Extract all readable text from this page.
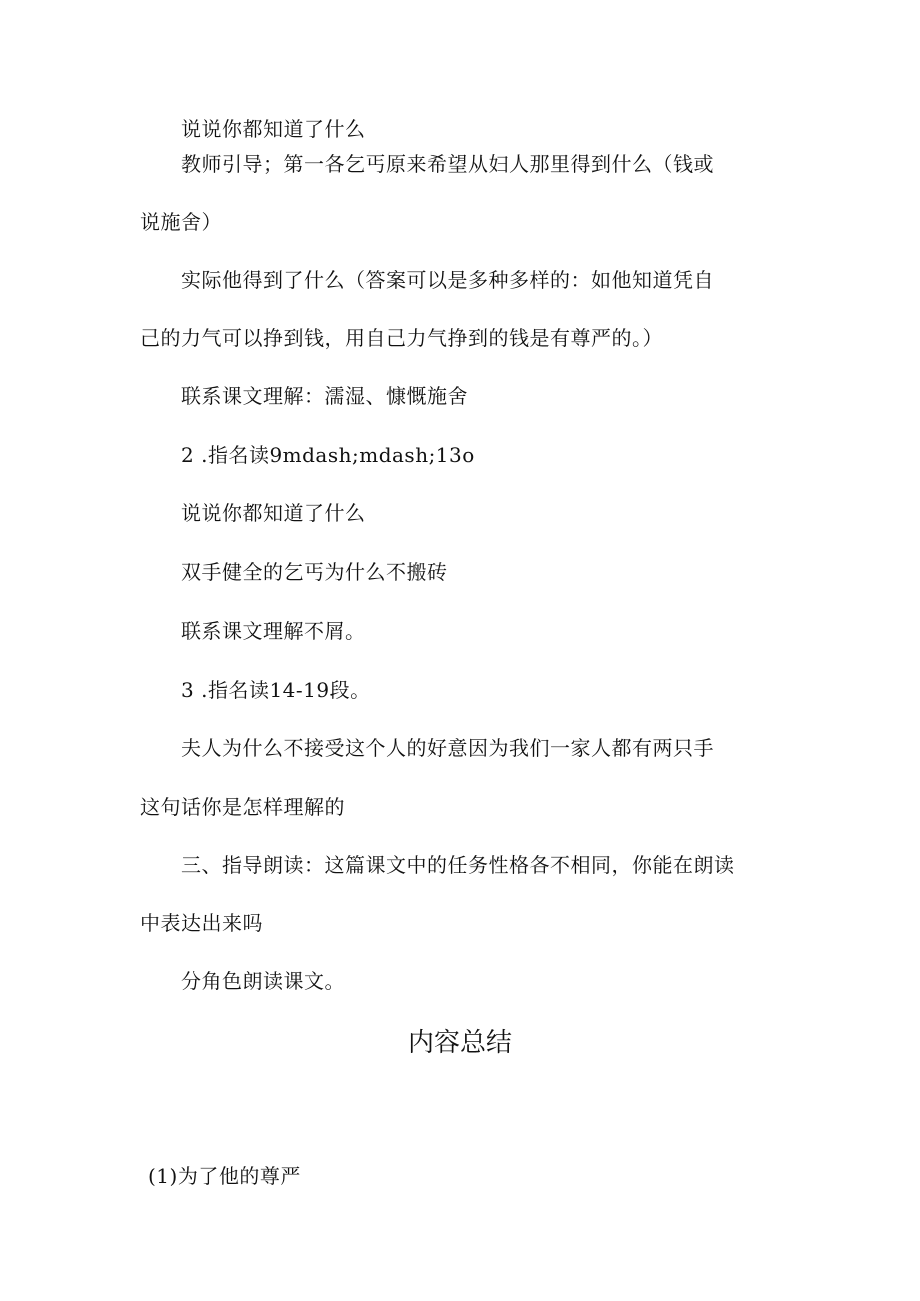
说说你都知道了什么
教师引导；第一各乞丐原来希望从妇人那里得到什么（钱或
说施舍）
实际他得到了什么（答案可以是多种多样的：如他知道凭自
己的力气可以挣到钱，用自己力气挣到的钱是有尊严的。）
联系课文理解：濡湿、慷慨施舍
2 .指名读9mdash;mdash;13o
说说你都知道了什么
双手健全的乞丐为什么不搬砖
联系课文理解不屑。
3 .指名读14-19段。
夫人为什么不接受这个人的好意因为我们一家人都有两只手
这句话你是怎样理解的
三、指导朗读：这篇课文中的任务性格各不相同，你能在朗读
中表达出来吗
分角色朗读课文。
内容总结
(1)为了他的尊严
